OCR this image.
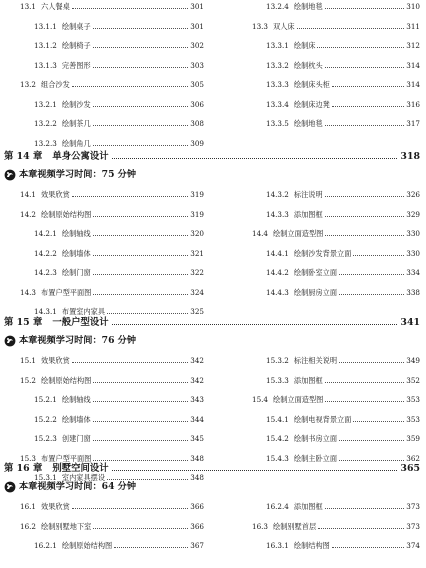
13.1 六人餐桌	301
13.1.1 绘制桌子	301
13.1.2 绘制椅子	302
13.1.3 完善图形	303
13.2 组合沙发	305
13.2.1 绘制沙发	306
13.2.2 绘制茶几	308
13.2.3 绘制角几	309
13.2.4 绘制地毯	310
13.3 双人床	311
13.3.1 绘制床	312
13.3.2 绘制枕头	314
13.3.3 绘制床头柜	314
13.3.4 绘制床边凳	316
13.3.5 绘制地毯	317
第 14 章 单身公寓设计	318
本章视频学习时间：75 分钟
14.1 效果欣赏	319
14.2 绘制原始结构图	319
14.2.1 绘制轴线	320
14.2.2 绘制墙体	321
14.2.3 绘制门窗	322
14.3 布置户型平面图	324
14.3.1 布置室内家具	325
14.3.2 标注说明	326
14.3.3 添加图框	329
14.4 绘制立面造型图	330
14.4.1 绘制沙发背景立面	330
14.4.2 绘制卧室立面	334
14.4.3 绘制厨房立面	338
第 15 章 一般户型设计	341
本章视频学习时间：76 分钟
15.1 效果欣赏	342
15.2 绘制原始结构图	342
15.2.1 绘制轴线	343
15.2.2 绘制墙体	344
15.2.3 创建门窗	345
15.3 布置户型平面图	348
15.3.1 室内家具摆设	348
15.3.2 标注相关说明	349
15.3.3 添加图框	352
15.4 绘制立面造型图	353
15.4.1 绘制电视背景立面	353
15.4.2 绘制书房立面	359
15.4.3 绘制主卧立面	362
第 16 章 别墅空间设计	365
本章视频学习时间：64 分钟
16.1 效果欣赏	366
16.2 绘制别墅地下室	366
16.2.1 绘制原始结构图	367
16.2.4 添加图框	373
16.3 绘制别墅首层	373
16.3.1 绘制结构图	374
